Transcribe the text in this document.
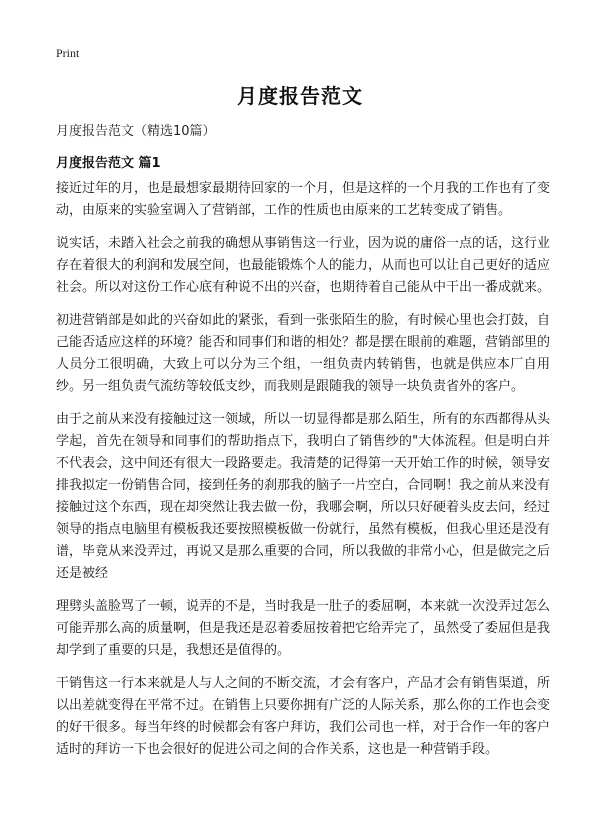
Print
月度报告范文
月度报告范文（精选10篇）
月度报告范文 篇1

接近过年的月，也是最想家最期待回家的一个月，但是这样的一个月我的工作也有了变动，由原来的实验室调入了营销部，工作的性质也由原来的工艺转变成了销售。

说实话，未踏入社会之前我的确想从事销售这一行业，因为说的庸俗一点的话，这行业存在着很大的利润和发展空间，也最能锻炼个人的能力，从而也可以让自己更好的适应社会。所以对这份工作心底有种说不出的兴奋，也期待着自己能从中干出一番成就来。

初进营销部是如此的兴奋如此的紧张，看到一张张陌生的脸，有时候心里也会打鼓，自己能否适应这样的环境？能否和同事们和谐的相处？都是摆在眼前的难题，营销部里的人员分工很明确，大致上可以分为三个组，一组负责内转销售，也就是供应本厂自用纱。另一组负责气流纺等较低支纱，而我则是跟随我的领导一块负责省外的客户。

由于之前从来没有接触过这一领域，所以一切显得都是那么陌生，所有的东西都得从头学起，首先在领导和同事们的帮助指点下，我明白了销售纱的"大体流程。但是明白并不代表会，这中间还有很大一段路要走。我清楚的记得第一天开始工作的时候，领导安排我拟定一份销售合同，接到任务的刹那我的脑子一片空白，合同啊！我之前从来没有接触过这个东西，现在却突然让我去做一份，我哪会啊，所以只好硬着头皮去问，经过领导的指点电脑里有模板我还要按照模板做一份就行，虽然有模板，但我心里还是没有谱，毕竟从来没弄过，再说又是那么重要的合同，所以我做的非常小心，但是做完之后还是被经

理劈头盖脸骂了一顿，说弄的不是，当时我是一肚子的委屈啊，本来就一次没弄过怎么可能弄那么高的质量啊，但是我还是忍着委屈按着把它给弄完了，虽然受了委屈但是我却学到了重要的只是，我想还是值得的。

干销售这一行本来就是人与人之间的不断交流，才会有客户，产品才会有销售渠道，所以出差就变得在平常不过。在销售上只要你拥有广泛的人际关系，那么你的工作也会变的好干很多。每当年终的时候都会有客户拜访，我们公司也一样，对于合作一年的客户适时的拜访一下也会很好的促进公司之间的合作关系，这也是一种营销手段。
